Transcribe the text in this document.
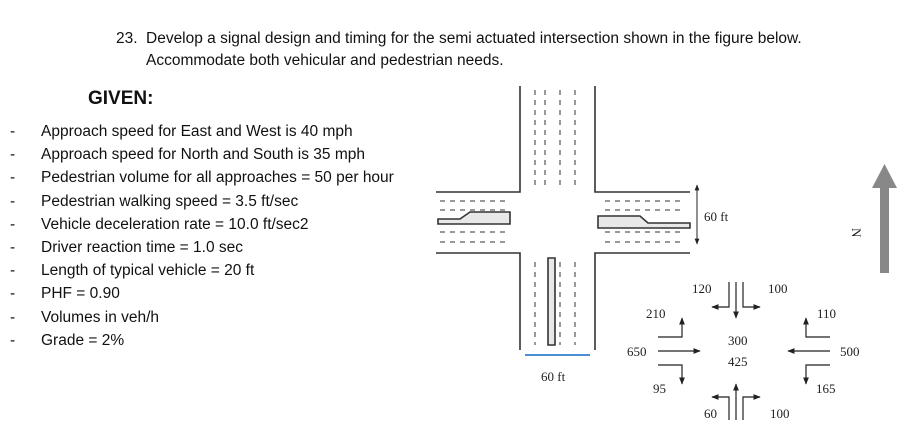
23. Develop a signal design and timing for the semi actuated intersection shown in the figure below.
Accommodate both vehicular and pedestrian needs.
GIVEN:
- Approach speed for East and West is 40 mph
- Approach speed for North and South is 35 mph
- Pedestrian volume for all approaches = 50 per hour
- Pedestrian walking speed = 3.5 ft/sec
- Vehicle deceleration rate = 10.0 ft/sec2
- Driver reaction time = 1.0 sec
- Length of typical vehicle = 20 ft
- PHF = 0.90
- Volumes in veh/h
- Grade = 2%
60 ft
60 ft
N
120	100
300
425
60	100
210
650
95
110
500
165
